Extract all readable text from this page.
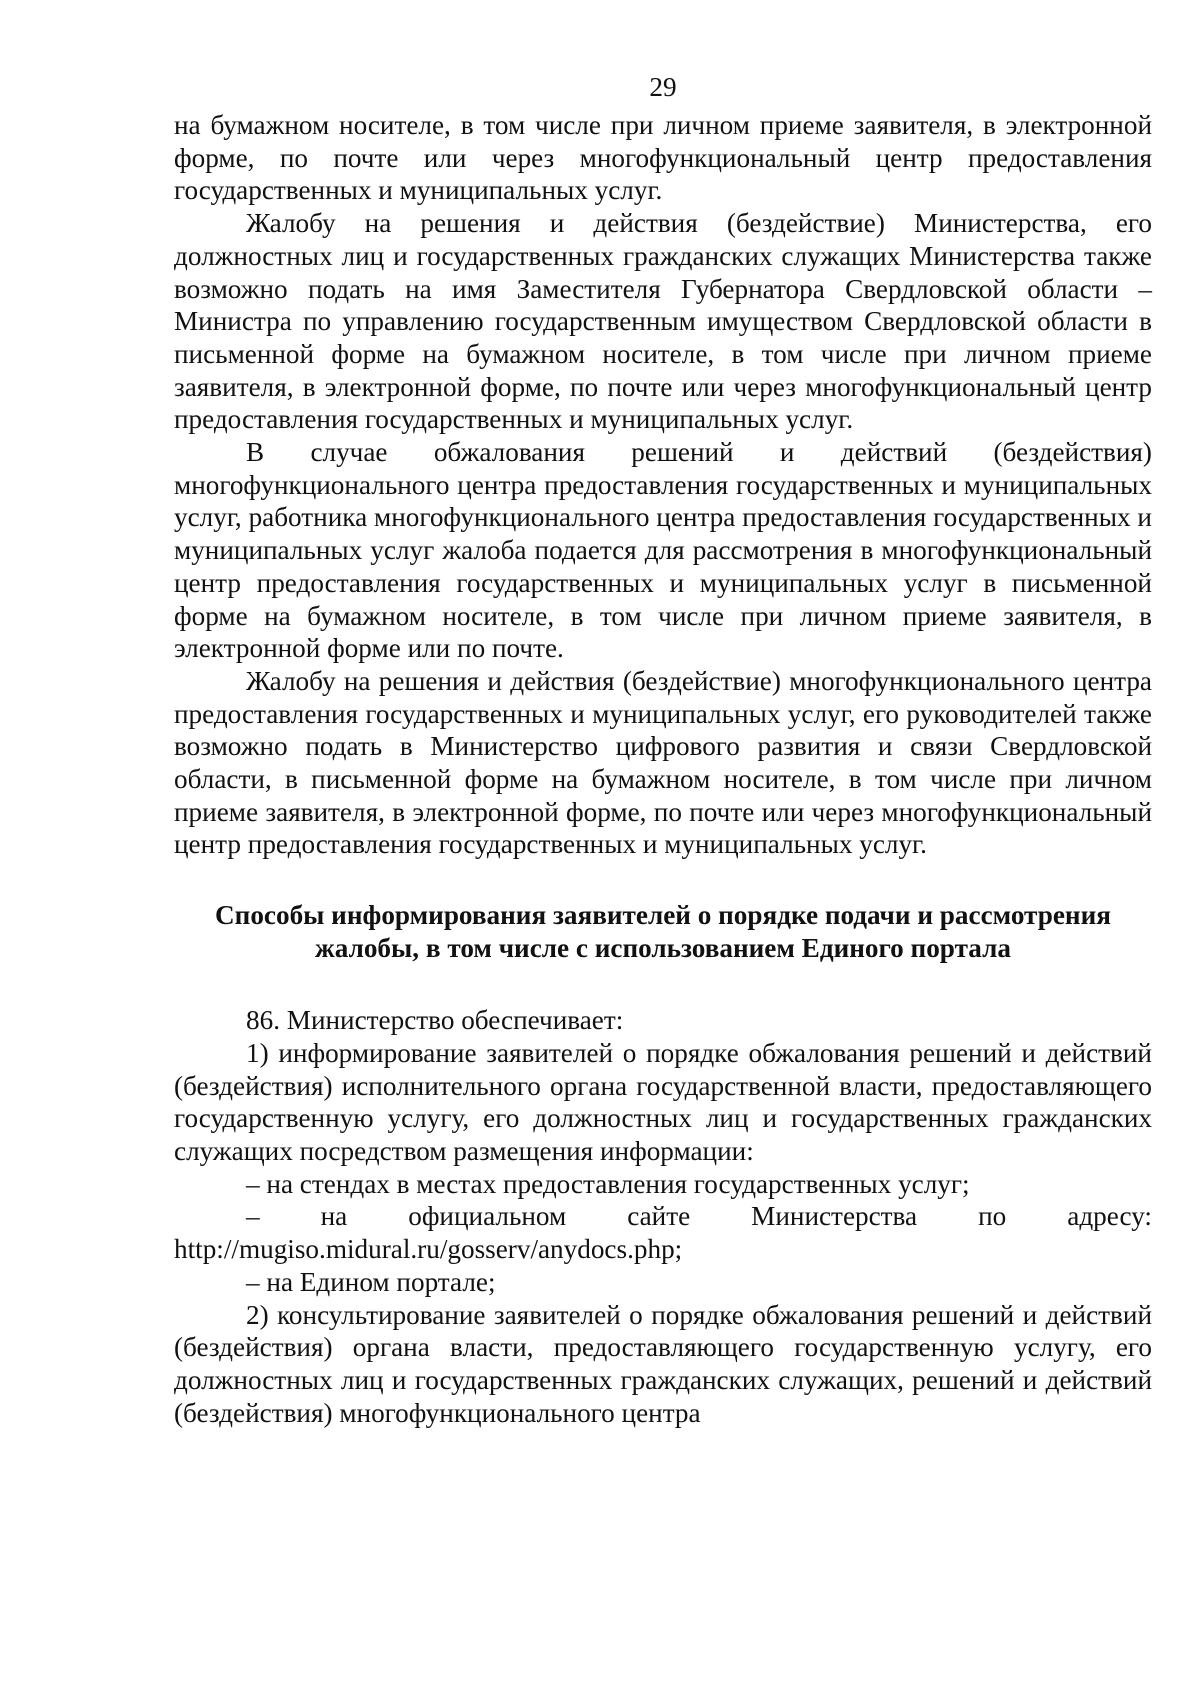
29

на бумажном носителе, в том числе при личном приеме заявителя, в электронной форме, по почте или через многофункциональный центр предоставления государственных и муниципальных услуг.

Жалобу на решения и действия (бездействие) Министерства, его должностных лиц и государственных гражданских служащих Министерства также возможно подать на имя Заместителя Губернатора Свердловской области – Министра по управлению государственным имуществом Свердловской области в письменной форме на бумажном носителе, в том числе при личном приеме заявителя, в электронной форме, по почте или через многофункциональный центр предоставления государственных и муниципальных услуг.

В случае обжалования решений и действий (бездействия) многофункционального центра предоставления государственных и муниципальных услуг, работника многофункционального центра предоставления государственных и муниципальных услуг жалоба подается для рассмотрения в многофункциональный центр предоставления государственных и муниципальных услуг в письменной форме на бумажном носителе, в том числе при личном приеме заявителя, в электронной форме или по почте.

Жалобу на решения и действия (бездействие) многофункционального центра предоставления государственных и муниципальных услуг, его руководителей также возможно подать в Министерство цифрового развития и связи Свердловской области, в письменной форме на бумажном носителе, в том числе при личном приеме заявителя, в электронной форме, по почте или через многофункциональный центр предоставления государственных и муниципальных услуг.

Способы информирования заявителей о порядке подачи и рассмотрения жалобы, в том числе с использованием Единого портала

86. Министерство обеспечивает:

1) информирование заявителей о порядке обжалования решений и действий (бездействия) исполнительного органа государственной власти, предоставляющего государственную услугу, его должностных лиц и государственных гражданских служащих посредством размещения информации:

– на стендах в местах предоставления государственных услуг;

– на официальном сайте Министерства по адресу: http://mugiso.midural.ru/gosserv/anydocs.php;

– на Едином портале;

2) консультирование заявителей о порядке обжалования решений и действий (бездействия) органа власти, предоставляющего государственную услугу, его должностных лиц и государственных гражданских служащих, решений и действий (бездействия) многофункционального центра
